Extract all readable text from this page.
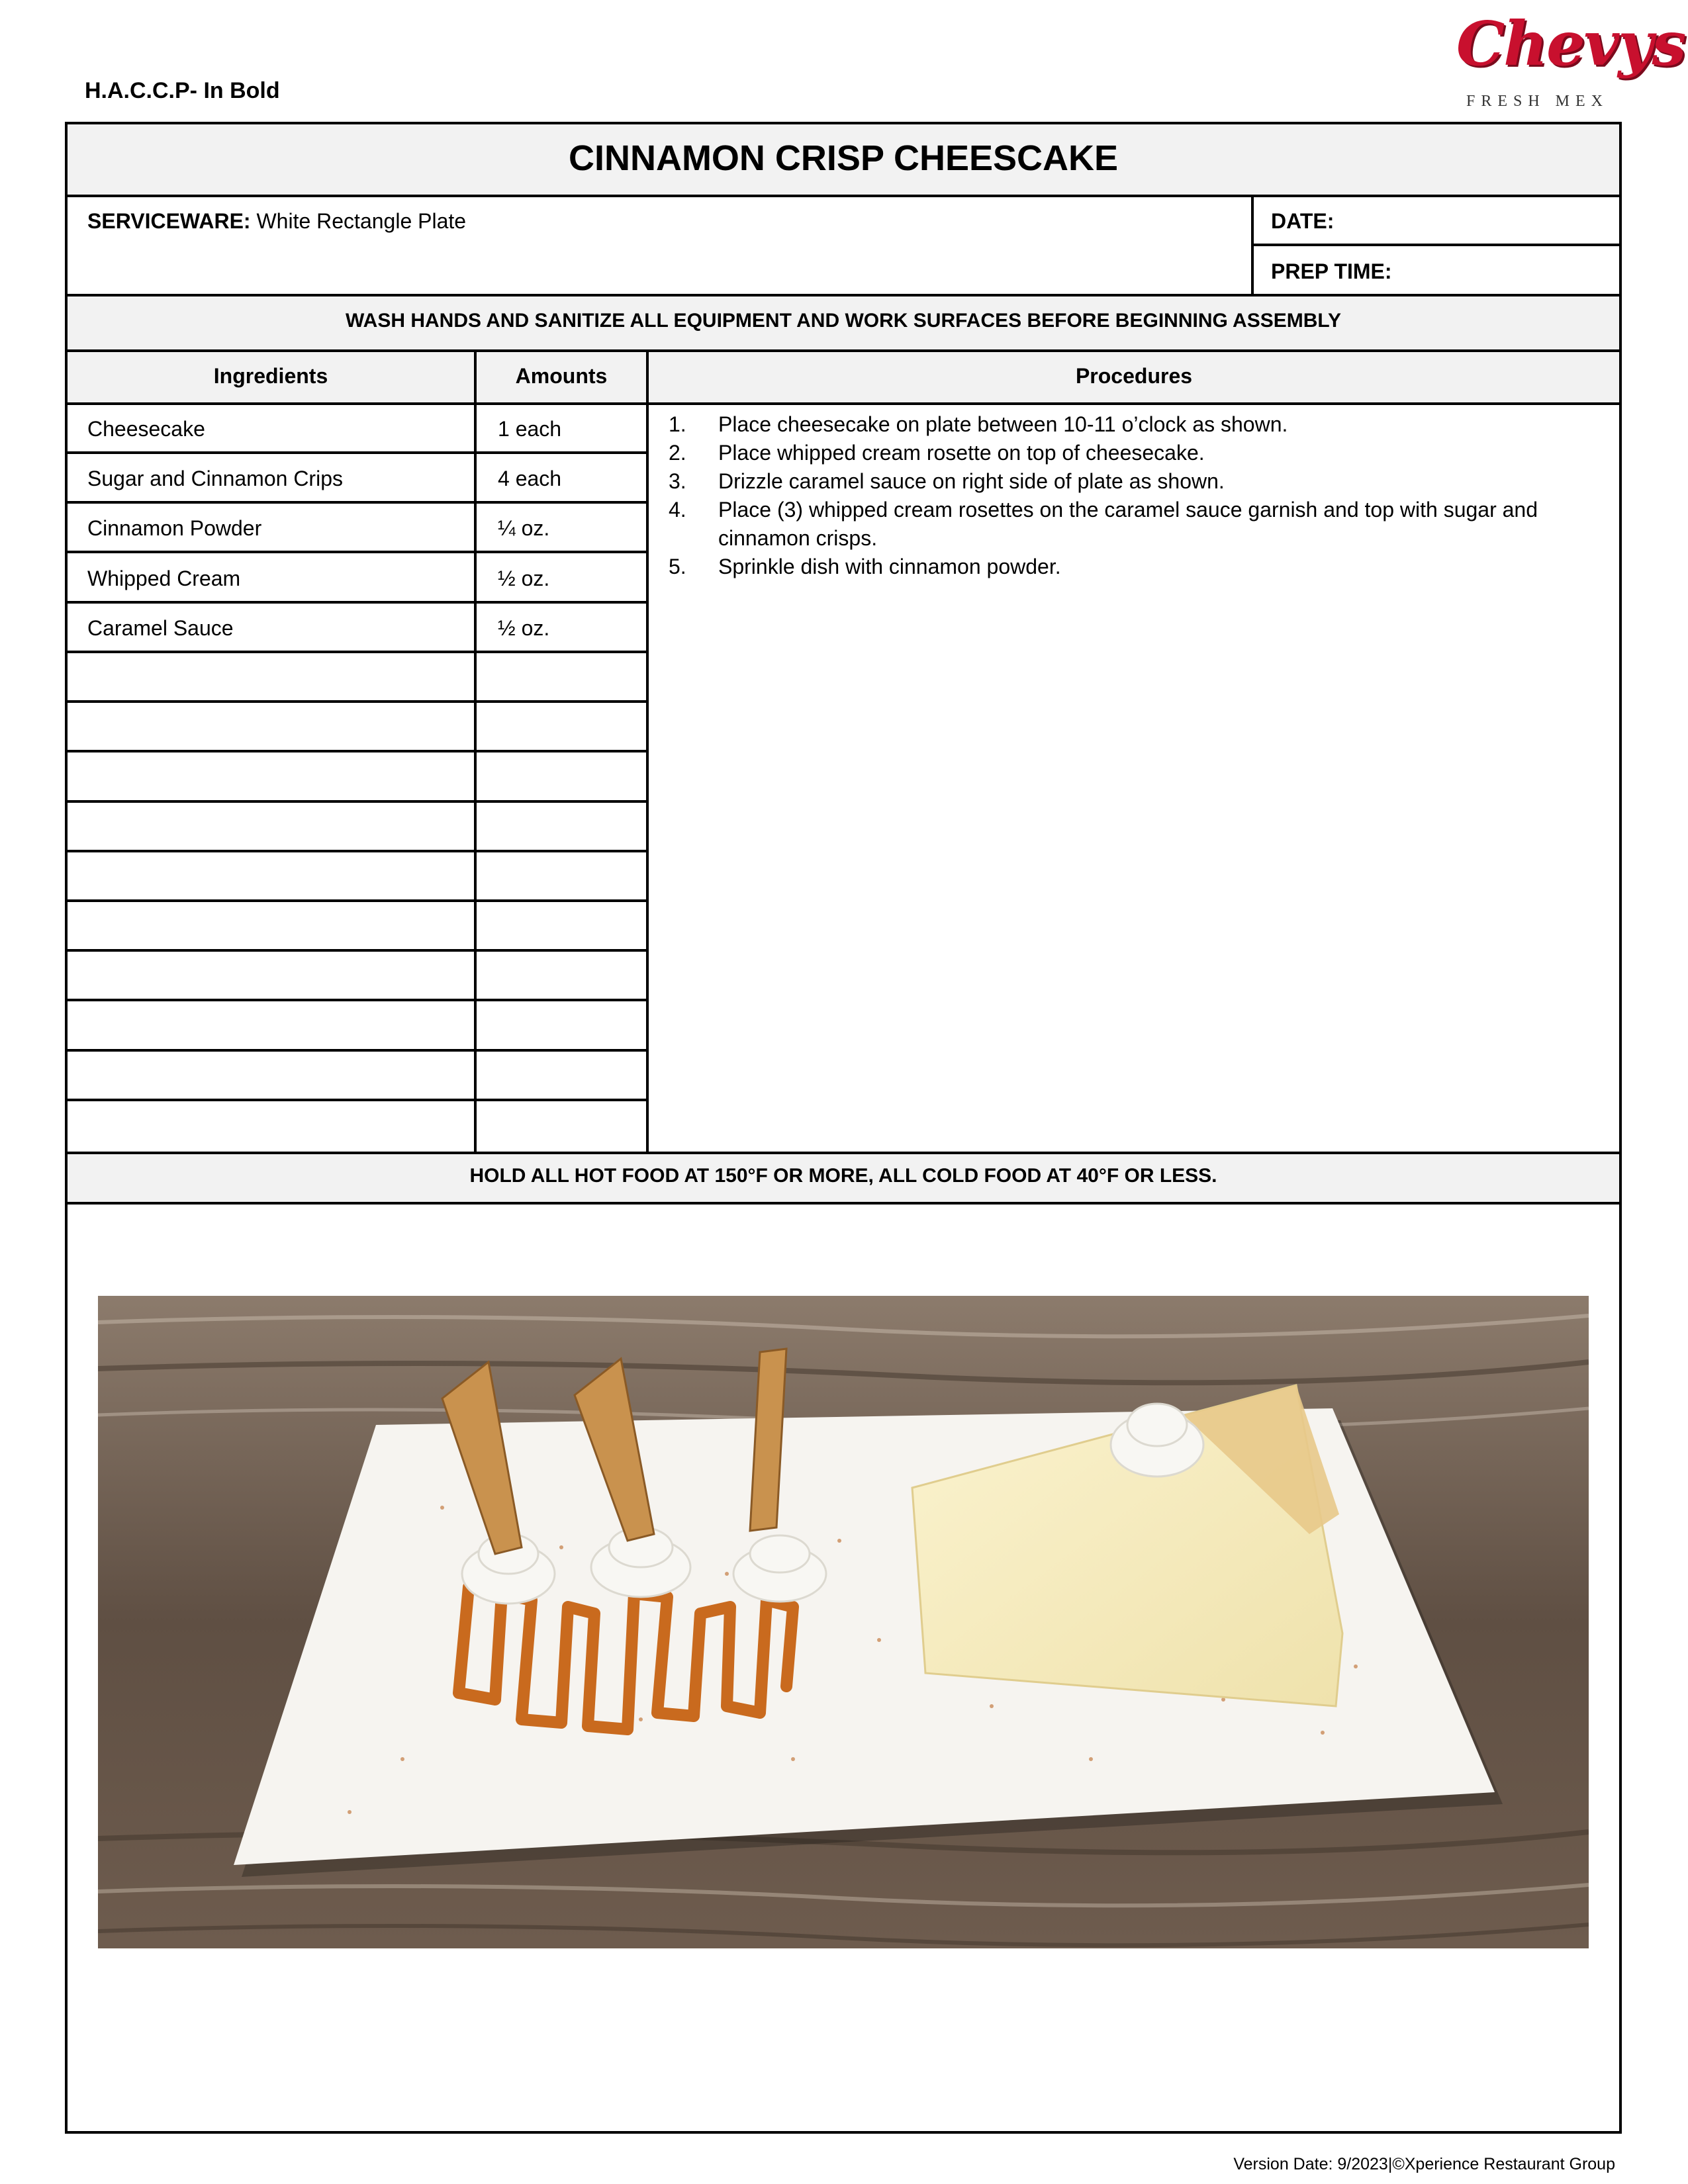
H.A.C.C.P- In Bold
Chevys
FRESH MEX
CINNAMON CRISP CHEESCAKE
SERVICEWARE: White Rectangle Plate	DATE:
PREP TIME:
WASH HANDS AND SANITIZE ALL EQUIPMENT AND WORK SURFACES BEFORE BEGINNING ASSEMBLY
Ingredients	Amounts	Procedures
Cheesecake	1 each
Sugar and Cinnamon Crips	4 each
Cinnamon Powder	¼ oz.
Whipped Cream	½ oz.
Caramel Sauce	½ oz.
1. Place cheesecake on plate between 10-11 o’clock as shown.
2. Place whipped cream rosette on top of cheesecake.
3. Drizzle caramel sauce on right side of plate as shown.
4. Place (3) whipped cream rosettes on the caramel sauce garnish and top with sugar and cinnamon crisps.
5. Sprinkle dish with cinnamon powder.
HOLD ALL HOT FOOD AT 150°F OR MORE, ALL COLD FOOD AT 40°F OR LESS.
Version Date: 9/2023|©Xperience Restaurant Group
